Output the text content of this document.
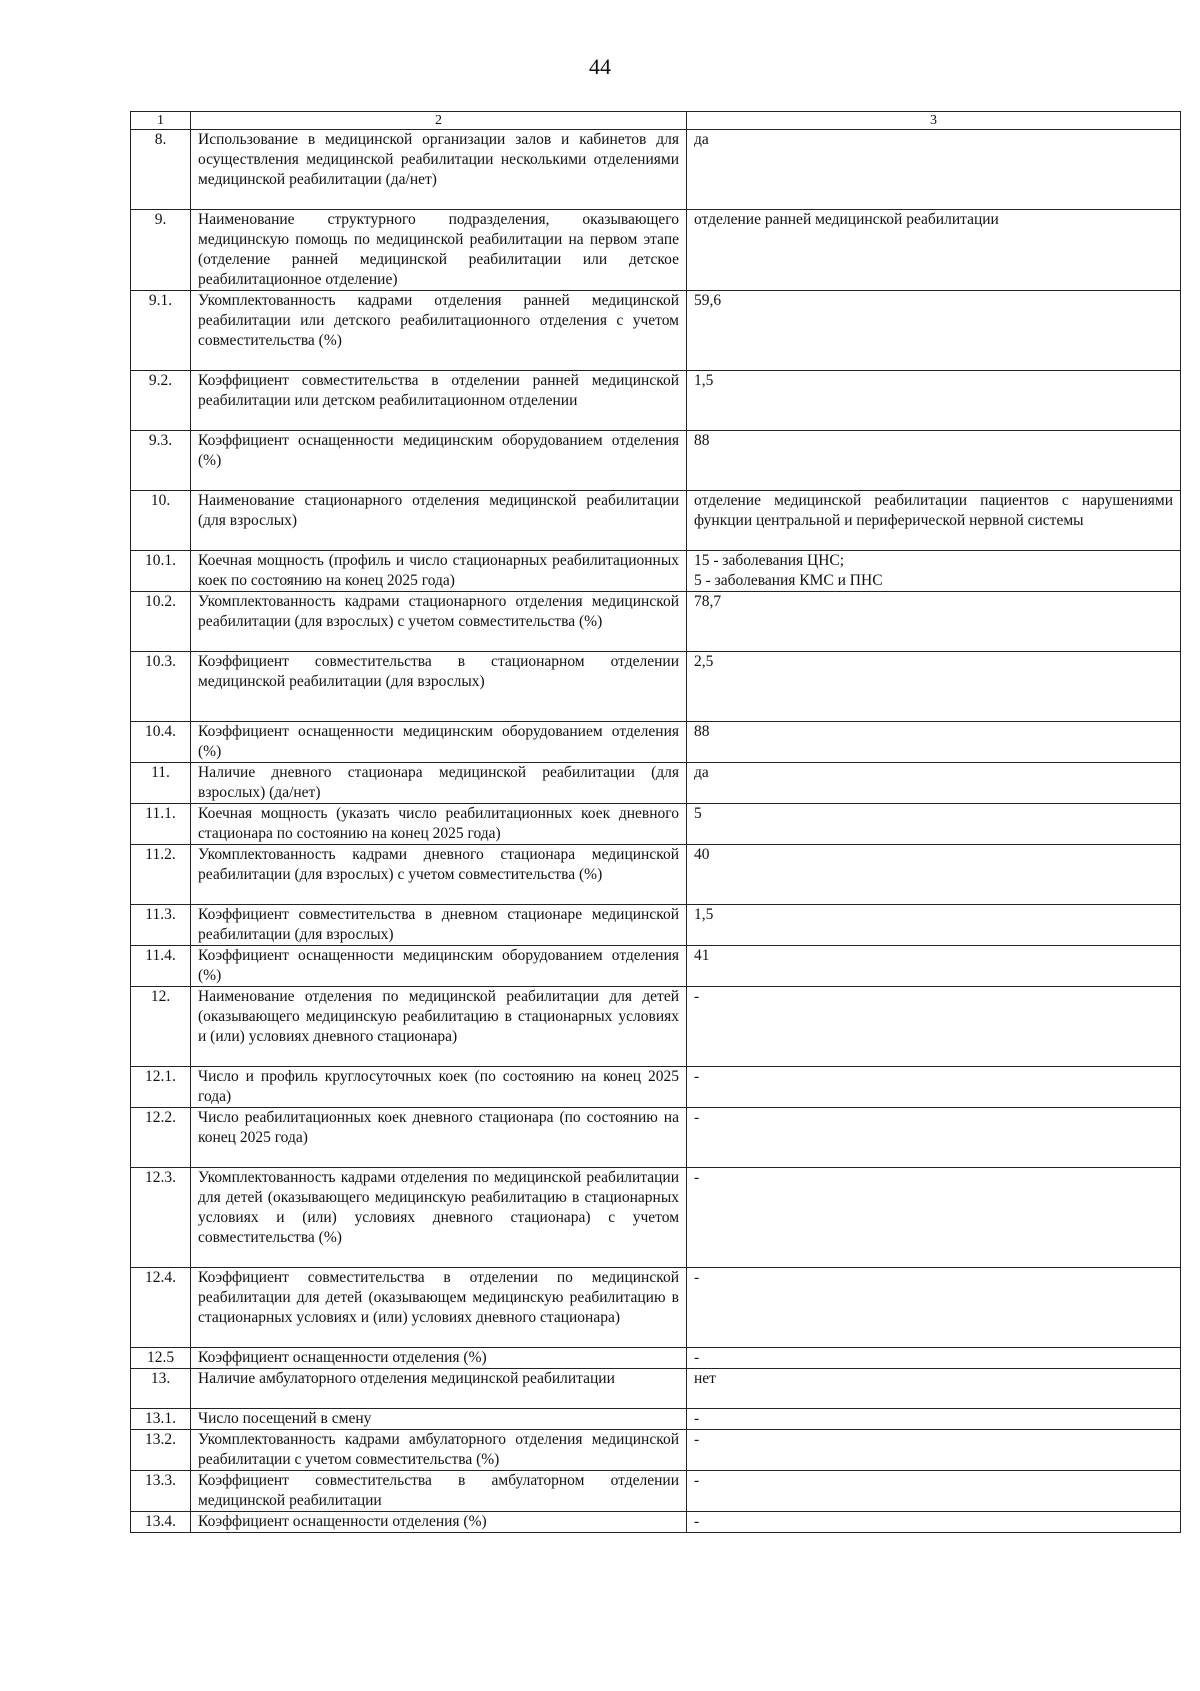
44
1	2	3
8.	Использование в медицинской организации залов и кабинетов для осуществления медицинской реабилитации несколькими отделениями медицинской реабилитации (да/нет)	да
9.	Наименование структурного подразделения, оказывающего медицинскую помощь по медицинской реабилитации на первом этапе (отделение ранней медицинской реабилитации или детское реабилитационное отделение)	отделение ранней медицинской реабилитации
9.1.	Укомплектованность кадрами отделения ранней медицинской реабилитации или детского реабилитационного отделения с учетом совместительства (%)	59,6
9.2.	Коэффициент совместительства в отделении ранней медицинской реабилитации или детском реабилитационном отделении	1,5
9.3.	Коэффициент оснащенности медицинским оборудованием отделения (%)	88
10.	Наименование стационарного отделения медицинской реабилитации (для взрослых)	отделение медицинской реабилитации пациентов с нарушениями функции центральной и периферической нервной системы
10.1.	Коечная мощность (профиль и число стационарных реабилитационных коек по состоянию на конец 2025 года)	15 - заболевания ЦНС;
5 - заболевания КМС и ПНС
10.2.	Укомплектованность кадрами стационарного отделения медицинской реабилитации (для взрослых) с учетом совместительства (%)	78,7
10.3.	Коэффициент совместительства в стационарном отделении медицинской реабилитации (для взрослых)	2,5
10.4.	Коэффициент оснащенности медицинским оборудованием отделения (%)	88
11.	Наличие дневного стационара медицинской реабилитации (для взрослых) (да/нет)	да
11.1.	Коечная мощность (указать число реабилитационных коек дневного стационара по состоянию на конец 2025 года)	5
11.2.	Укомплектованность кадрами дневного стационара медицинской реабилитации (для взрослых) с учетом совместительства (%)	40
11.3.	Коэффициент совместительства в дневном стационаре медицинской реабилитации (для взрослых)	1,5
11.4.	Коэффициент оснащенности медицинским оборудованием отделения (%)	41
12.	Наименование отделения по медицинской реабилитации для детей (оказывающего медицинскую реабилитацию в стационарных условиях и (или) условиях дневного стационара)	-
12.1.	Число и профиль круглосуточных коек (по состоянию на конец 2025 года)	-
12.2.	Число реабилитационных коек дневного стационара (по состоянию на конец 2025 года)	-
12.3.	Укомплектованность кадрами отделения по медицинской реабилитации для детей (оказывающего медицинскую реабилитацию в стационарных условиях и (или) условиях дневного стационара) с учетом совместительства (%)	-
12.4.	Коэффициент совместительства в отделении по медицинской реабилитации для детей (оказывающем медицинскую реабилитацию в стационарных условиях и (или) условиях дневного стационара)	-
12.5	Коэффициент оснащенности отделения (%)	-
13.	Наличие амбулаторного отделения медицинской реабилитации	нет
13.1.	Число посещений в смену	-
13.2.	Укомплектованность кадрами амбулаторного отделения медицинской реабилитации с учетом совместительства (%)	-
13.3.	Коэффициент совместительства в амбулаторном отделении медицинской реабилитации	-
13.4.	Коэффициент оснащенности отделения (%)	-
